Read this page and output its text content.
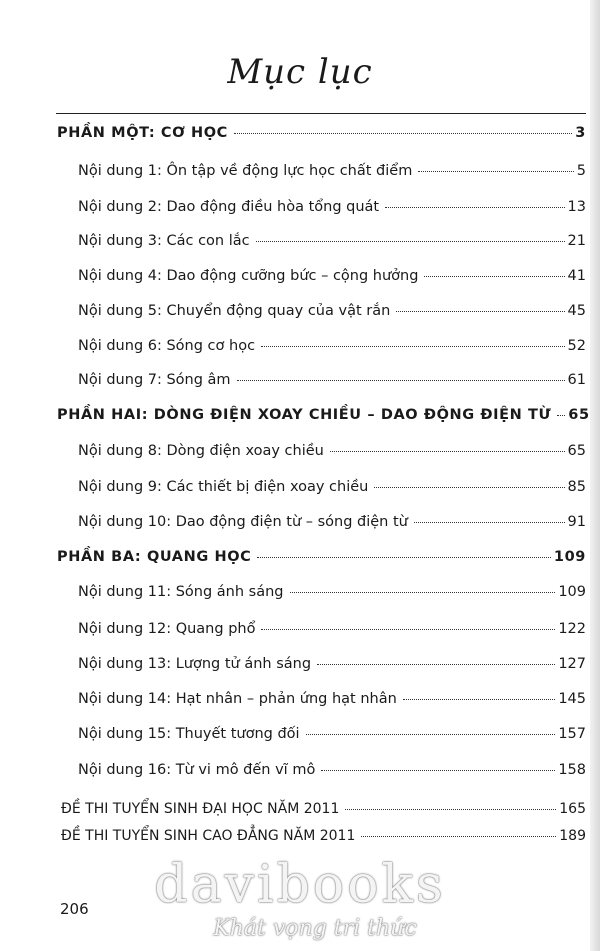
Mục lục
PHẦN MỘT: CƠ HỌC	3
Nội dung 1: Ôn tập về động lực học chất điểm	5
Nội dung 2: Dao động điều hòa tổng quát	13
Nội dung 3: Các con lắc	21
Nội dung 4: Dao động cưỡng bức – cộng hưởng	41
Nội dung 5: Chuyển động quay của vật rắn	45
Nội dung 6: Sóng cơ học	52
Nội dung 7: Sóng âm	61
PHẦN HAI: DÒNG ĐIỆN XOAY CHIỀU – DAO ĐỘNG ĐIỆN TỪ 65
Nội dung 8: Dòng điện xoay chiều	65
Nội dung 9: Các thiết bị điện xoay chiều	85
Nội dung 10: Dao động điện từ – sóng điện từ	91
PHẦN BA: QUANG HỌC	109
Nội dung 11: Sóng ánh sáng	109
Nội dung 12: Quang phổ	122
Nội dung 13: Lượng tử ánh sáng	127
Nội dung 14: Hạt nhân – phản ứng hạt nhân	145
Nội dung 15: Thuyết tương đối	157
Nội dung 16: Từ vi mô đến vĩ mô	158
ĐỀ THI TUYỂN SINH ĐẠI HỌC NĂM 2011	165
ĐỀ THI TUYỂN SINH CAO ĐẲNG NĂM 2011	189
206	davibooks
Khát vọng tri thức
